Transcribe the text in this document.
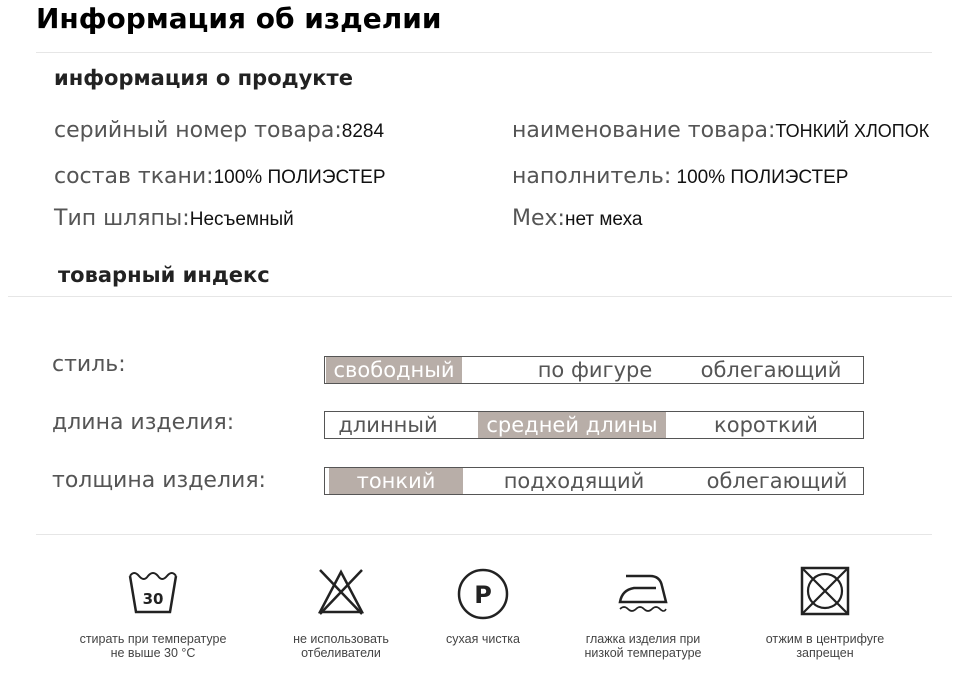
Информация об изделии
информация о продукте
серийный номер товара:8284	наименование товара:ТОНКИЙ ХЛОПОК
состав ткани:100% ПОЛИЭСТЕР	наполнитель: 100% ПОЛИЭСТЕР
Тип шляпы:Несъемный	Мех:нет меха
товарный индекс
стиль:	свободный	по фигуре	облегающий
длина изделия:	длинный	средней длины	короткий
толщина изделия:	тонкий	подходящий	облегающий
30
стирать при температуре
не выше 30 °C
не использовать
отбеливатели
P
сухая чистка	глажка изделия при
низкой температуре
отжим в центрифуге
запрещен
